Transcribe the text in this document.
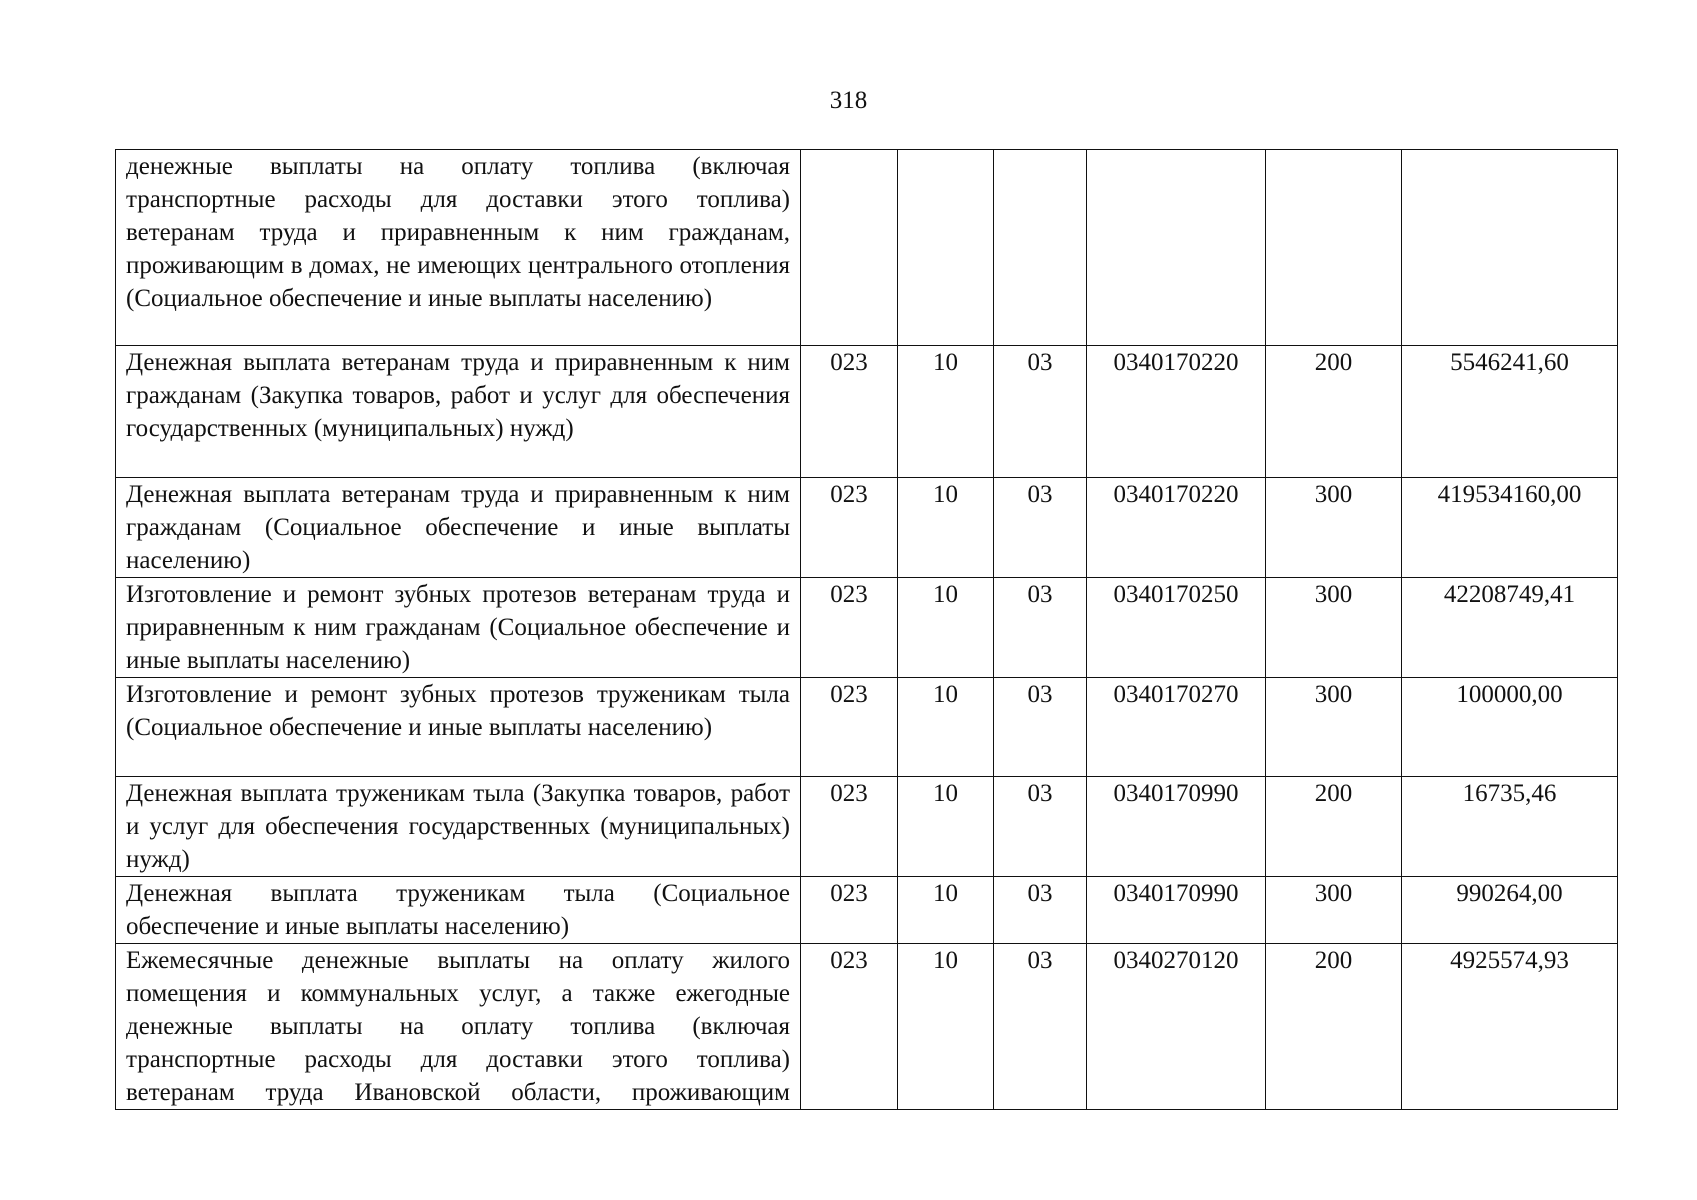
318
денежные выплаты на оплату топлива (включая транспортные расходы для доставки этого топлива) ветеранам труда и приравненным к ним гражданам, проживающим в домах, не имеющих центрального отопления (Социальное обеспечение и иные выплаты населению)						
Денежная выплата ветеранам труда и приравненным к ним гражданам (Закупка товаров, работ и услуг для обеспечения государственных (муниципальных) нужд)	023	10	03	0340170220	200	5546241,60
Денежная выплата ветеранам труда и приравненным к ним гражданам (Социальное обеспечение и иные выплаты населению)	023	10	03	0340170220	300	419534160,00
Изготовление и ремонт зубных протезов ветеранам труда и приравненным к ним гражданам (Социальное обеспечение и иные выплаты населению)	023	10	03	0340170250	300	42208749,41
Изготовление и ремонт зубных протезов труженикам тыла (Социальное обеспечение и иные выплаты населению)	023	10	03	0340170270	300	100000,00
Денежная выплата труженикам тыла (Закупка товаров, работ и услуг для обеспечения государственных (муниципальных) нужд)	023	10	03	0340170990	200	16735,46
Денежная выплата труженикам тыла (Социальное обеспечение и иные выплаты населению)	023	10	03	0340170990	300	990264,00
Ежемесячные денежные выплаты на оплату жилого помещения и коммунальных услуг, а также ежегодные денежные выплаты на оплату топлива (включая транспортные расходы для доставки этого топлива) ветеранам труда Ивановской области, проживающим	023	10	03	0340270120	200	4925574,93
